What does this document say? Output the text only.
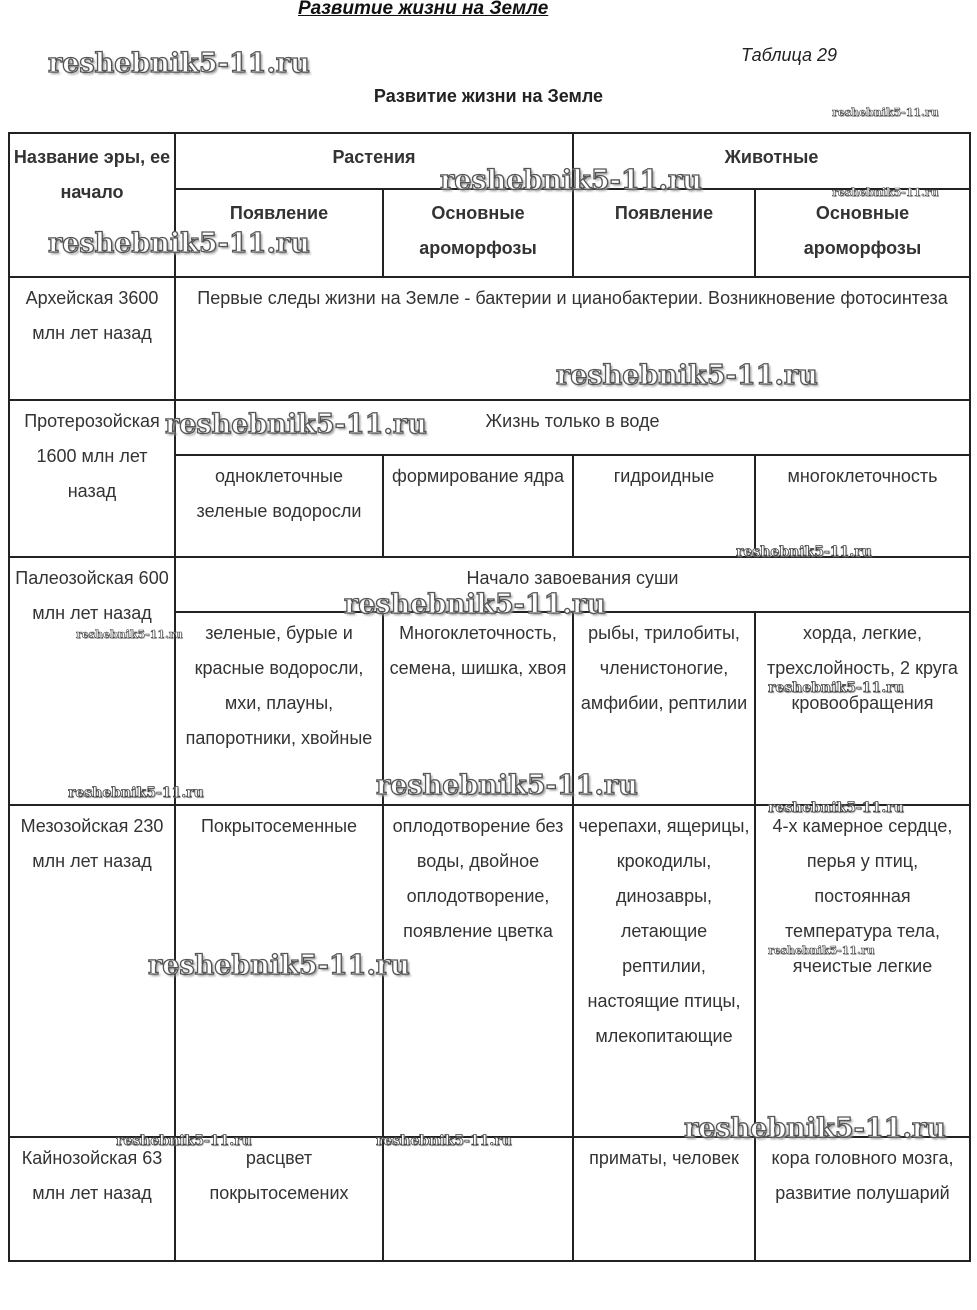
Развитие жизни на Земле
Таблица 29
Развитие жизни на Земле
Название эры, ее начало	Растения		Животные	
	Появление	Основные ароморфозы	Появление	Основные ароморфозы
Архейская 3600 млн лет назад	Первые следы жизни на Земле - бактерии и цианобактерии. Возникновение фотосинтеза			
Протерозойская 1600 млн лет назад	Жизнь только в воде			
	одноклеточные зеленые водоросли	формирование ядра	гидроидные	многоклеточность
Палеозойская 600 млн лет назад	Начало завоевания суши			
	зеленые, бурые и красные водоросли, мхи, плауны, папоротники, хвойные	Многоклеточность, семена, шишка, хвоя	рыбы, трилобиты, членистоногие, амфибии, рептилии	хорда, легкие, трехслойность, 2 круга кровообращения
Мезозойская 230 млн лет назад	Покрытосеменные	оплодотворение без воды, двойное оплодотворение, появление цветка	черепахи, ящерицы, крокодилы, динозавры, летающие рептилии, настоящие птицы, млекопитающие	4-х камерное сердце, перья у птиц, постоянная температура тела, ячеистые легкие
Кайнозойская 63 млн лет назад	расцвет покрытосемених		приматы, человек	кора головного мозга, развитие полушарий
reshebnik5-11.ru
reshebnik5-11.ru
reshebnik5-11.ru	reshebnik5-11.ru
reshebnik5-11.ru
reshebnik5-11.ru
reshebnik5-11.ru
reshebnik5-11.ru
reshebnik5-11.ru
reshebnik5-11.ru
reshebnik5-11.ru
reshebnik5-11.ru
reshebnik5-11.ru
reshebnik5-11.ru
reshebnik5-11.ru
reshebnik5-11.ru
reshebnik5-11.ru
reshebnik5-11.ru	reshebnik5-11.ru
